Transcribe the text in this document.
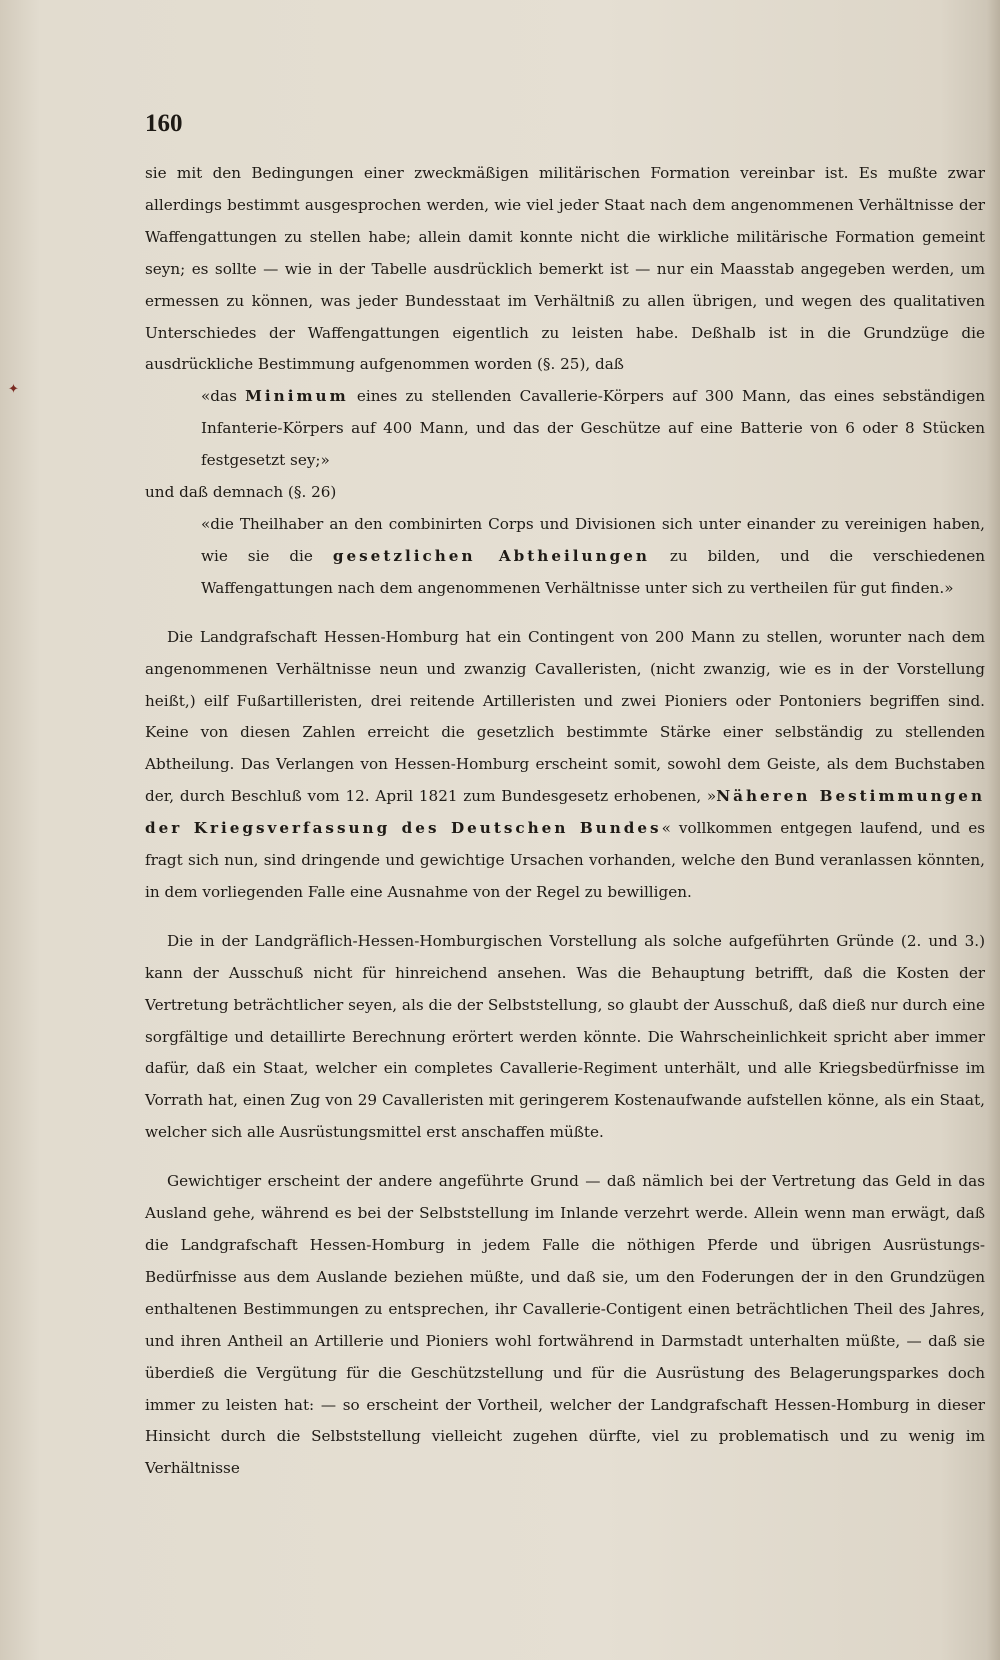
✦
160

sie mit den Bedingungen einer zweckmäßigen militärischen Formation vereinbar ist. Es mußte zwar allerdings bestimmt ausgesprochen werden, wie viel jeder Staat nach dem angenommenen Verhältnisse der Waffengattungen zu stellen habe; allein damit konnte nicht die wirkliche militärische Formation gemeint seyn; es sollte — wie in der Tabelle ausdrücklich bemerkt ist — nur ein Maasstab angegeben werden, um ermessen zu können, was jeder Bundesstaat im Verhältniß zu allen übrigen, und wegen des qualitativen Unterschiedes der Waffengattungen eigentlich zu leisten habe. Deßhalb ist in die Grundzüge die ausdrückliche Bestimmung aufgenommen worden (§. 25), daß

«das Minimum eines zu stellenden Cavallerie-Körpers auf 300 Mann, das eines sebständigen Infanterie-Körpers auf 400 Mann, und das der Geschütze auf eine Batterie von 6 oder 8 Stücken festgesetzt sey;»

und daß demnach (§. 26)

«die Theilhaber an den combinirten Corps und Divisionen sich unter einander zu vereinigen haben, wie sie die gesetzlichen Abtheilungen zu bilden, und die verschiedenen Waffengattungen nach dem angenommenen Verhältnisse unter sich zu vertheilen für gut finden.»

Die Landgrafschaft Hessen-Homburg hat ein Contingent von 200 Mann zu stellen, worunter nach dem angenommenen Verhältnisse neun und zwanzig Cavalleristen, (nicht zwanzig, wie es in der Vorstellung heißt,) eilf Fußartilleristen, drei reitende Artilleristen und zwei Pioniers oder Pontoniers begriffen sind. Keine von diesen Zahlen erreicht die gesetzlich bestimmte Stärke einer selbständig zu stellenden Abtheilung. Das Verlangen von Hessen-Homburg erscheint somit, sowohl dem Geiste, als dem Buchstaben der, durch Beschluß vom 12. April 1821 zum Bundesgesetz erhobenen, »Näheren Bestimmungen der Kriegsverfassung des Deutschen Bundes« vollkommen entgegen laufend, und es fragt sich nun, sind dringende und gewichtige Ursachen vorhanden, welche den Bund veranlassen könnten, in dem vorliegenden Falle eine Ausnahme von der Regel zu bewilligen.

Die in der Landgräflich-Hessen-Homburgischen Vorstellung als solche aufgeführten Gründe (2. und 3.) kann der Ausschuß nicht für hinreichend ansehen. Was die Behauptung betrifft, daß die Kosten der Vertretung beträchtlicher seyen, als die der Selbststellung, so glaubt der Ausschuß, daß dieß nur durch eine sorgfältige und detaillirte Berechnung erörtert werden könnte. Die Wahrscheinlichkeit spricht aber immer dafür, daß ein Staat, welcher ein completes Cavallerie-Regiment unterhält, und alle Kriegsbedürfnisse im Vorrath hat, einen Zug von 29 Cavalleristen mit geringerem Kostenaufwande aufstellen könne, als ein Staat, welcher sich alle Ausrüstungsmittel erst anschaffen müßte.

Gewichtiger erscheint der andere angeführte Grund — daß nämlich bei der Vertretung das Geld in das Ausland gehe, während es bei der Selbststellung im Inlande verzehrt werde. Allein wenn man erwägt, daß die Landgrafschaft Hessen-Homburg in jedem Falle die nöthigen Pferde und übrigen Ausrüstungs-Bedürfnisse aus dem Auslande beziehen müßte, und daß sie, um den Foderungen der in den Grundzügen enthaltenen Bestimmungen zu entsprechen, ihr Cavallerie-Contigent einen beträchtlichen Theil des Jahres, und ihren Antheil an Artillerie und Pioniers wohl fortwährend in Darmstadt unterhalten müßte, — daß sie überdieß die Vergütung für die Geschützstellung und für die Ausrüstung des Belagerungsparkes doch immer zu leisten hat: — so erscheint der Vortheil, welcher der Landgrafschaft Hessen-Homburg in dieser Hinsicht durch die Selbststellung vielleicht zugehen dürfte, viel zu problematisch und zu wenig im Verhältnisse
